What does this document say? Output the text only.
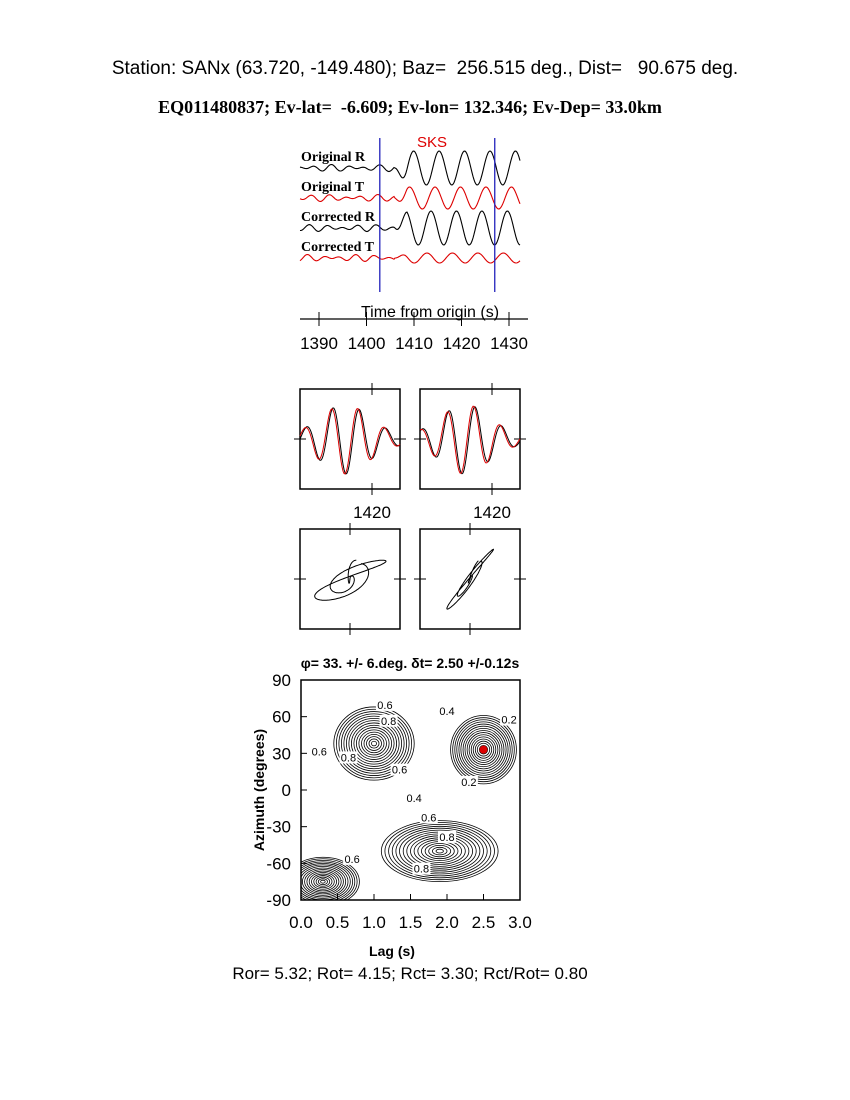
Station: SANx (63.720, -149.480); Baz=  256.515 deg., Dist=   90.675 deg.
EQ011480837; Ev-lat=  -6.609; Ev-lon= 132.346; Ev-Dep= 33.0km
SKS
Original R
Original T
Corrected R
Corrected T
Time from origin (s)
1390 1400 1410 1420 1430
1420	1420
φ= 33. +/- 6.deg. δt= 2.50 +/-0.12s
0.6
0.8
0.4
0.2
0.6
0.8
0.6
0.2
0.4
0.6
0.8
0.6
0.8
0.0 0.5 1.0 1.5 2.0 2.5 3.0
90
60
30
0
-30
-60
-90
Lag (s)
Azimuth (degrees)
Ror= 5.32; Rot= 4.15; Rct= 3.30; Rct/Rot= 0.80
